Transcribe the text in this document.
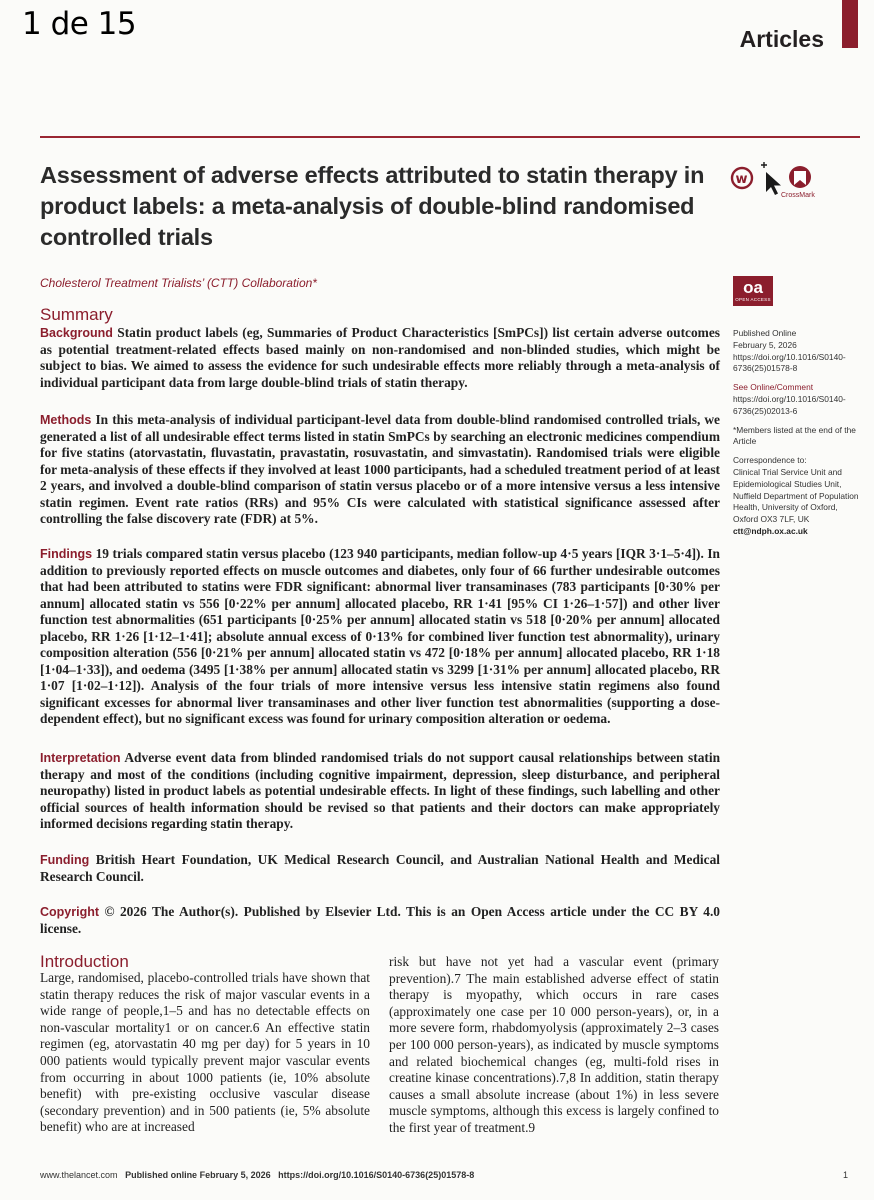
1 de 15	Articles
Assessment of adverse effects attributed to statin therapy in product labels: a meta-analysis of double-blind randomised controlled trials
w
CrossMark
Cholesterol Treatment Trialists’ (CTT) Collaboration*	oa
OPEN ACCESS
Summary

Background Statin product labels (eg, Summaries of Product Characteristics [SmPCs]) list certain adverse outcomes as potential treatment-related effects based mainly on non-randomised and non-blinded studies, which might be subject to bias. We aimed to assess the evidence for such undesirable effects more reliably through a meta-analysis of individual participant data from large double-blind trials of statin therapy.

Methods In this meta-analysis of individual participant-level data from double-blind randomised controlled trials, we generated a list of all undesirable effect terms listed in statin SmPCs by searching an electronic medicines compendium for five statins (atorvastatin, fluvastatin, pravastatin, rosuvastatin, and simvastatin). Randomised trials were eligible for meta-analysis of these effects if they involved at least 1000 participants, had a scheduled treatment period of at least 2 years, and involved a double-blind comparison of statin versus placebo or of a more intensive versus a less intensive statin regimen. Event rate ratios (RRs) and 95% CIs were calculated with statistical significance assessed after controlling the false discovery rate (FDR) at 5%.

Findings 19 trials compared statin versus placebo (123 940 participants, median follow-up 4·5 years [IQR 3·1–5·4]). In addition to previously reported effects on muscle outcomes and diabetes, only four of 66 further undesirable outcomes that had been attributed to statins were FDR significant: abnormal liver transaminases (783 participants [0·30% per annum] allocated statin vs 556 [0·22% per annum] allocated placebo, RR 1·41 [95% CI 1·26–1·57]) and other liver function test abnormalities (651 participants [0·25% per annum] allocated statin vs 518 [0·20% per annum] allocated placebo, RR 1·26 [1·12–1·41]; absolute annual excess of 0·13% for combined liver function test abnormality), urinary composition alteration (556 [0·21% per annum] allocated statin vs 472 [0·18% per annum] allocated placebo, RR 1·18 [1·04–1·33]), and oedema (3495 [1·38% per annum] allocated statin vs 3299 [1·31% per annum] allocated placebo, RR 1·07 [1·02–1·12]). Analysis of the four trials of more intensive versus less intensive statin regimens also found significant excesses for abnormal liver transaminases and other liver function test abnormalities (supporting a dose-dependent effect), but no significant excess was found for urinary composition alteration or oedema.

Interpretation Adverse event data from blinded randomised trials do not support causal relationships between statin therapy and most of the conditions (including cognitive impairment, depression, sleep disturbance, and peripheral neuropathy) listed in product labels as potential undesirable effects. In light of these findings, such labelling and other official sources of health information should be revised so that patients and their doctors can make appropriately informed decisions regarding statin therapy.

Funding British Heart Foundation, UK Medical Research Council, and Australian National Health and Medical Research Council.

Copyright © 2026 The Author(s). Published by Elsevier Ltd. This is an Open Access article under the CC BY 4.0 license.

Published Online
February 5, 2026
https://doi.org/10.1016/S0140-6736(25)01578-8

See Online/Comment
https://doi.org/10.1016/S0140-6736(25)02013-6

*Members listed at the end of the Article

Correspondence to:
Clinical Trial Service Unit and Epidemiological Studies Unit, Nuffield Department of Population Health, University of Oxford, Oxford OX3 7LF, UK
ctt@ndph.ox.ac.uk

Introduction

Large, randomised, placebo-controlled trials have shown that statin therapy reduces the risk of major vascular events in a wide range of people,1–5 and has no detectable effects on non-vascular mortality1 or on cancer.6 An effective statin regimen (eg, atorvastatin 40 mg per day) for 5 years in 10 000 patients would typically prevent major vascular events from occurring in about 1000 patients (ie, 10% absolute benefit) with pre-existing occlusive vascular disease (secondary prevention) and in 500 patients (ie, 5% absolute benefit) who are at increased

risk but have not yet had a vascular event (primary prevention).7 The main established adverse effect of statin therapy is myopathy, which occurs in rare cases (approximately one case per 10 000 person-years), or, in a more severe form, rhabdomyolysis (approximately 2–3 cases per 100 000 person-years), as indicated by muscle symptoms and related biochemical changes (eg, multi-fold rises in creatine kinase concentrations).7,8 In addition, statin therapy causes a small absolute increase (about 1%) in less severe muscle symptoms, although this excess is largely confined to the first year of treatment.9

www.thelancet.com Published online February 5, 2026 https://doi.org/10.1016/S0140-6736(25)01578-8	1
